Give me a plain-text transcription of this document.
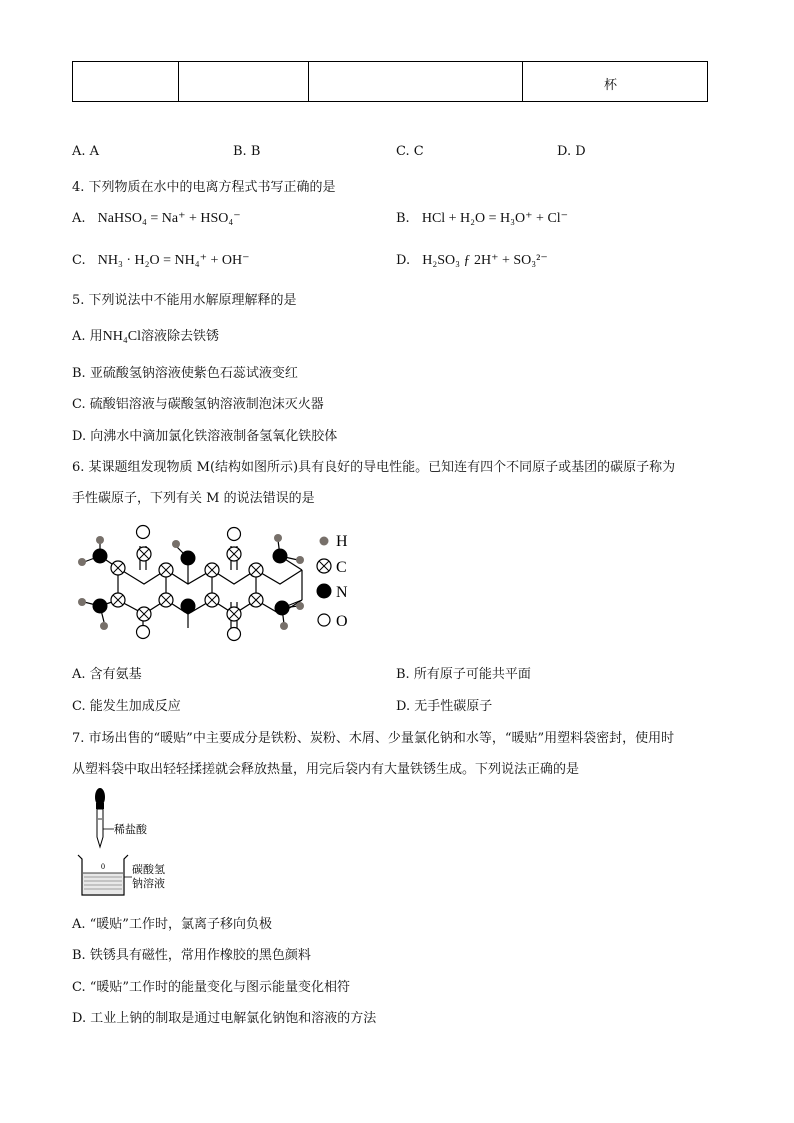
杯
A. A	B. B	C. C	D. D
4. 下列物质在水中的电离方程式书写正确的是
A. NaHSO₄ = Na⁺ + HSO₄⁻	B. HCl + H₂O = H₃O⁺ + Cl⁻
C. NH₃ · H₂O = NH₄⁺ + OH⁻	D. H₂SO₃ ƒ 2H⁺ + SO₃²⁻
5. 下列说法中不能用水解原理解释的是
A. 用NH₄Cl溶液除去铁锈
B. 亚硫酸氢钠溶液使紫色石蕊试液变红
C. 硫酸铝溶液与碳酸氢钠溶液制泡沫灭火器
D. 向沸水中滴加氯化铁溶液制备氢氧化铁胶体
6. 某课题组发现物质 M(结构如图所示)具有良好的导电性能。已知连有四个不同原子或基团的碳原子称为
手性碳原子，下列有关 M 的说法错误的是
H
C
N
O
A. 含有氨基	B. 所有原子可能共平面
C. 能发生加成反应	D. 无手性碳原子
7. 市场出售的“暖贴”中主要成分是铁粉、炭粉、木屑、少量氯化钠和水等，“暖贴”用塑料袋密封，使用时
从塑料袋中取出轻轻揉搓就会释放热量，用完后袋内有大量铁锈生成。下列说法正确的是
稀盐酸
0 碳酸氢
钠溶液
A. “暖贴”工作时，氯离子移向负极
B. 铁锈具有磁性，常用作橡胶的黑色颜料
C. “暖贴”工作时的能量变化与图示能量变化相符
D. 工业上钠的制取是通过电解氯化钠饱和溶液的方法
